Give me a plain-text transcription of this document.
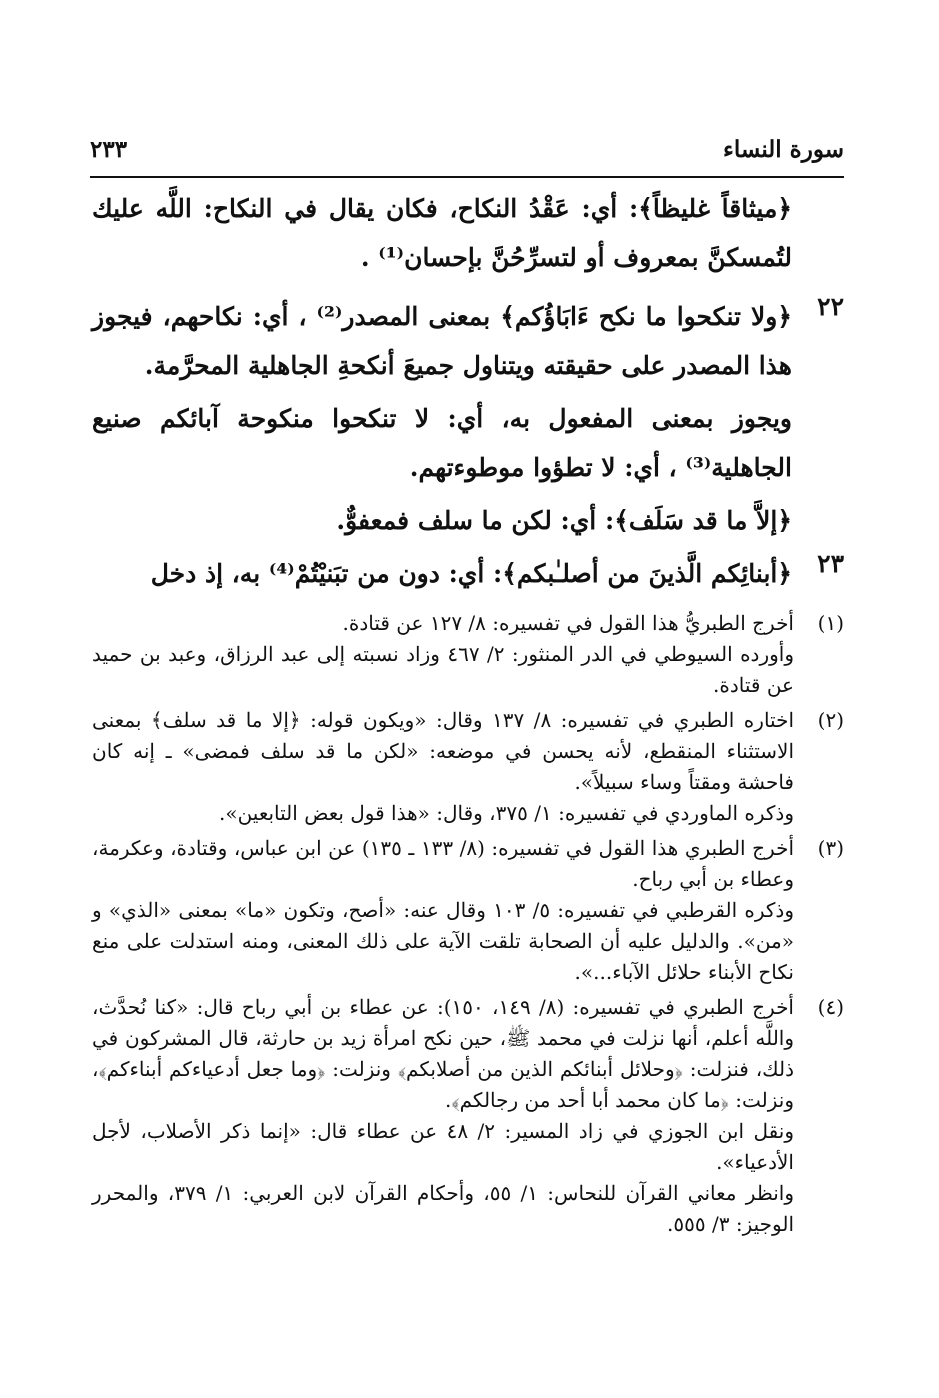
سورة النساء
٢٣٣

﴿ميثاقاً غليظاً﴾: أي: عَقْدُ النكاح، فكان يقال في النكاح: اللَّه عليك لتُمسكنَّ بمعروف أو لتسرِّحُنَّ بإحسان⁽¹⁾ .

٢٢

﴿ولا تنكحوا ما نكح ءَابَاؤُكم﴾ بمعنى المصدر⁽²⁾ ، أي: نكاحهم، فيجوز هذا المصدر على حقيقته ويتناول جميعَ أنكحةِ الجاهلية المحرَّمة.

ويجوز بمعنى المفعول به، أي: لا تنكحوا منكوحة آبائكم صنيع الجاهلية⁽³⁾ ، أي: لا تطؤوا موطوءتهم.

﴿إلاَّ ما قد سَلَف﴾: أي: لكن ما سلف فمعفوٌّ.

٢٣

﴿أبنائِكم الَّذينَ من أصلـٰبكم﴾: أي: دون من تبَنيْتُمْ⁽⁴⁾ به، إذ دخل

(١)

أخرج الطبريُّ هذا القول في تفسيره: ٨/ ١٢٧ عن قتادة.

وأورده السيوطي في الدر المنثور: ٢/ ٤٦٧ وزاد نسبته إلى عبد الرزاق، وعبد بن حميد عن قتادة.

(٢)

اختاره الطبري في تفسيره: ٨/ ١٣٧ وقال: «ويكون قوله: ﴿إلا ما قد سلف﴾ بمعنى الاستثناء المنقطع، لأنه يحسن في موضعه: «لكن ما قد سلف فمضى» ـ إنه كان فاحشة ومقتاً وساء سبيلاً».

وذكره الماوردي في تفسيره: ١/ ٣٧٥، وقال: «هذا قول بعض التابعين».

(٣)

أخرج الطبري هذا القول في تفسيره: (٨/ ١٣٣ ـ ١٣٥) عن ابن عباس، وقتادة، وعكرمة، وعطاء بن أبي رباح.

وذكره القرطبي في تفسيره: ٥/ ١٠٣ وقال عنه: «أصح، وتكون «ما» بمعنى «الذي» و «من». والدليل عليه أن الصحابة تلقت الآية على ذلك المعنى، ومنه استدلت على منع نكاح الأبناء حلائل الآباء...».

(٤)

أخرج الطبري في تفسيره: (٨/ ١٤٩، ١٥٠): عن عطاء بن أبي رباح قال: «كنا نُحدَّث، واللَّه أعلم، أنها نزلت في محمد ﷺ، حين نكح امرأة زيد بن حارثة، قال المشركون في ذلك، فنزلت: ﴿وحلائل أبنائكم الذين من أصلابكم﴾ ونزلت: ﴿وما جعل أدعياءكم أبناءكم﴾، ونزلت: ﴿ما كان محمد أبا أحد من رجالكم﴾.

ونقل ابن الجوزي في زاد المسير: ٢/ ٤٨ عن عطاء قال: «إنما ذكر الأصلاب، لأجل الأدعياء».

وانظر معاني القرآن للنحاس: ١/ ٥٥، وأحكام القرآن لابن العربي: ١/ ٣٧٩، والمحرر الوجيز: ٣/ ٥٥٥.
